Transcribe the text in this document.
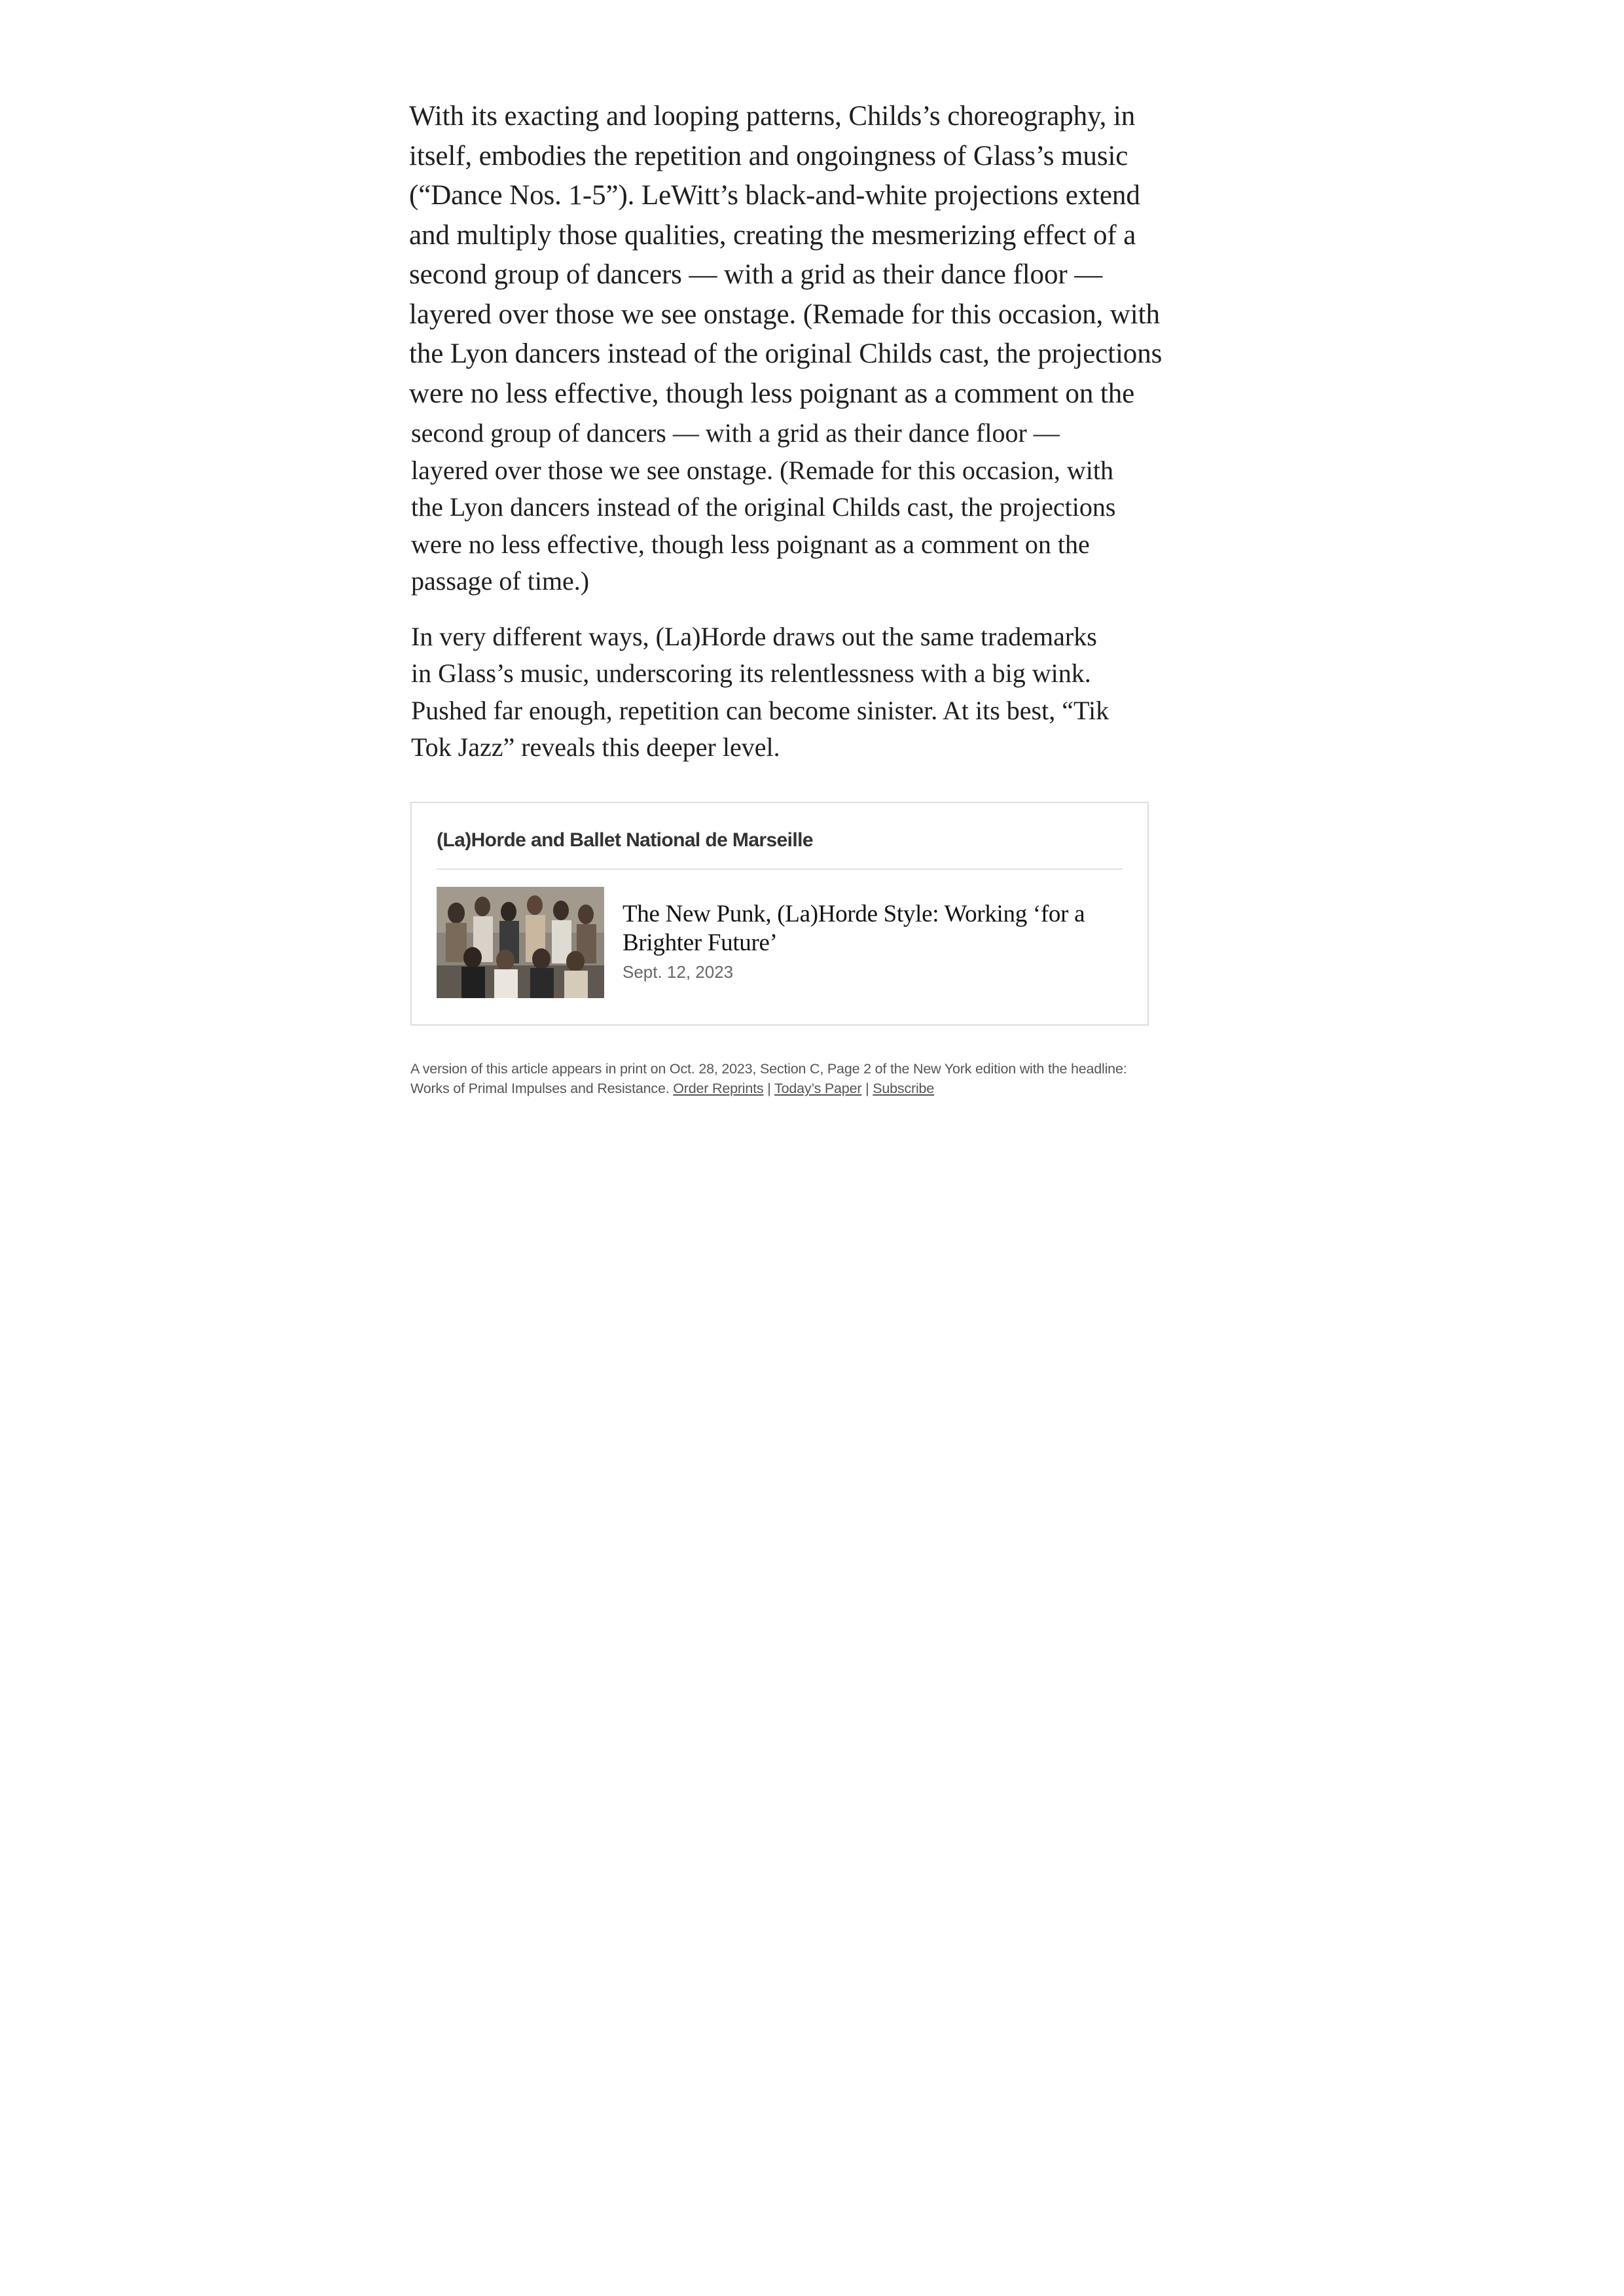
With its exacting and looping patterns, Childs’s choreography, in
itself, embodies the repetition and ongoingness of Glass’s music
(“Dance Nos. 1-5”). LeWitt’s black-and-white projections extend
and multiply those qualities, creating the mesmerizing effect of a
second group of dancers — with a grid as their dance floor —
layered over those we see onstage. (Remade for this occasion, with
the Lyon dancers instead of the original Childs cast, the projections
were no less effective, though less poignant as a comment on the
second group of dancers — with a grid as their dance floor —
layered over those we see onstage. (Remade for this occasion, with
the Lyon dancers instead of the original Childs cast, the projections
were no less effective, though less poignant as a comment on the
passage of time.)
In very different ways, (La)Horde draws out the same trademarks
in Glass’s music, underscoring its relentlessness with a big wink.
Pushed far enough, repetition can become sinister. At its best, “Tik
Tok Jazz” reveals this deeper level.
(La)Horde and Ballet National de Marseille
The New Punk, (La)Horde Style: Working ‘for a Brighter Future’
Sept. 12, 2023
A version of this article appears in print on Oct. 28, 2023, Section C, Page 2 of the New York edition with the headline:
Works of Primal Impulses and Resistance. Order Reprints | Today’s Paper | Subscribe
